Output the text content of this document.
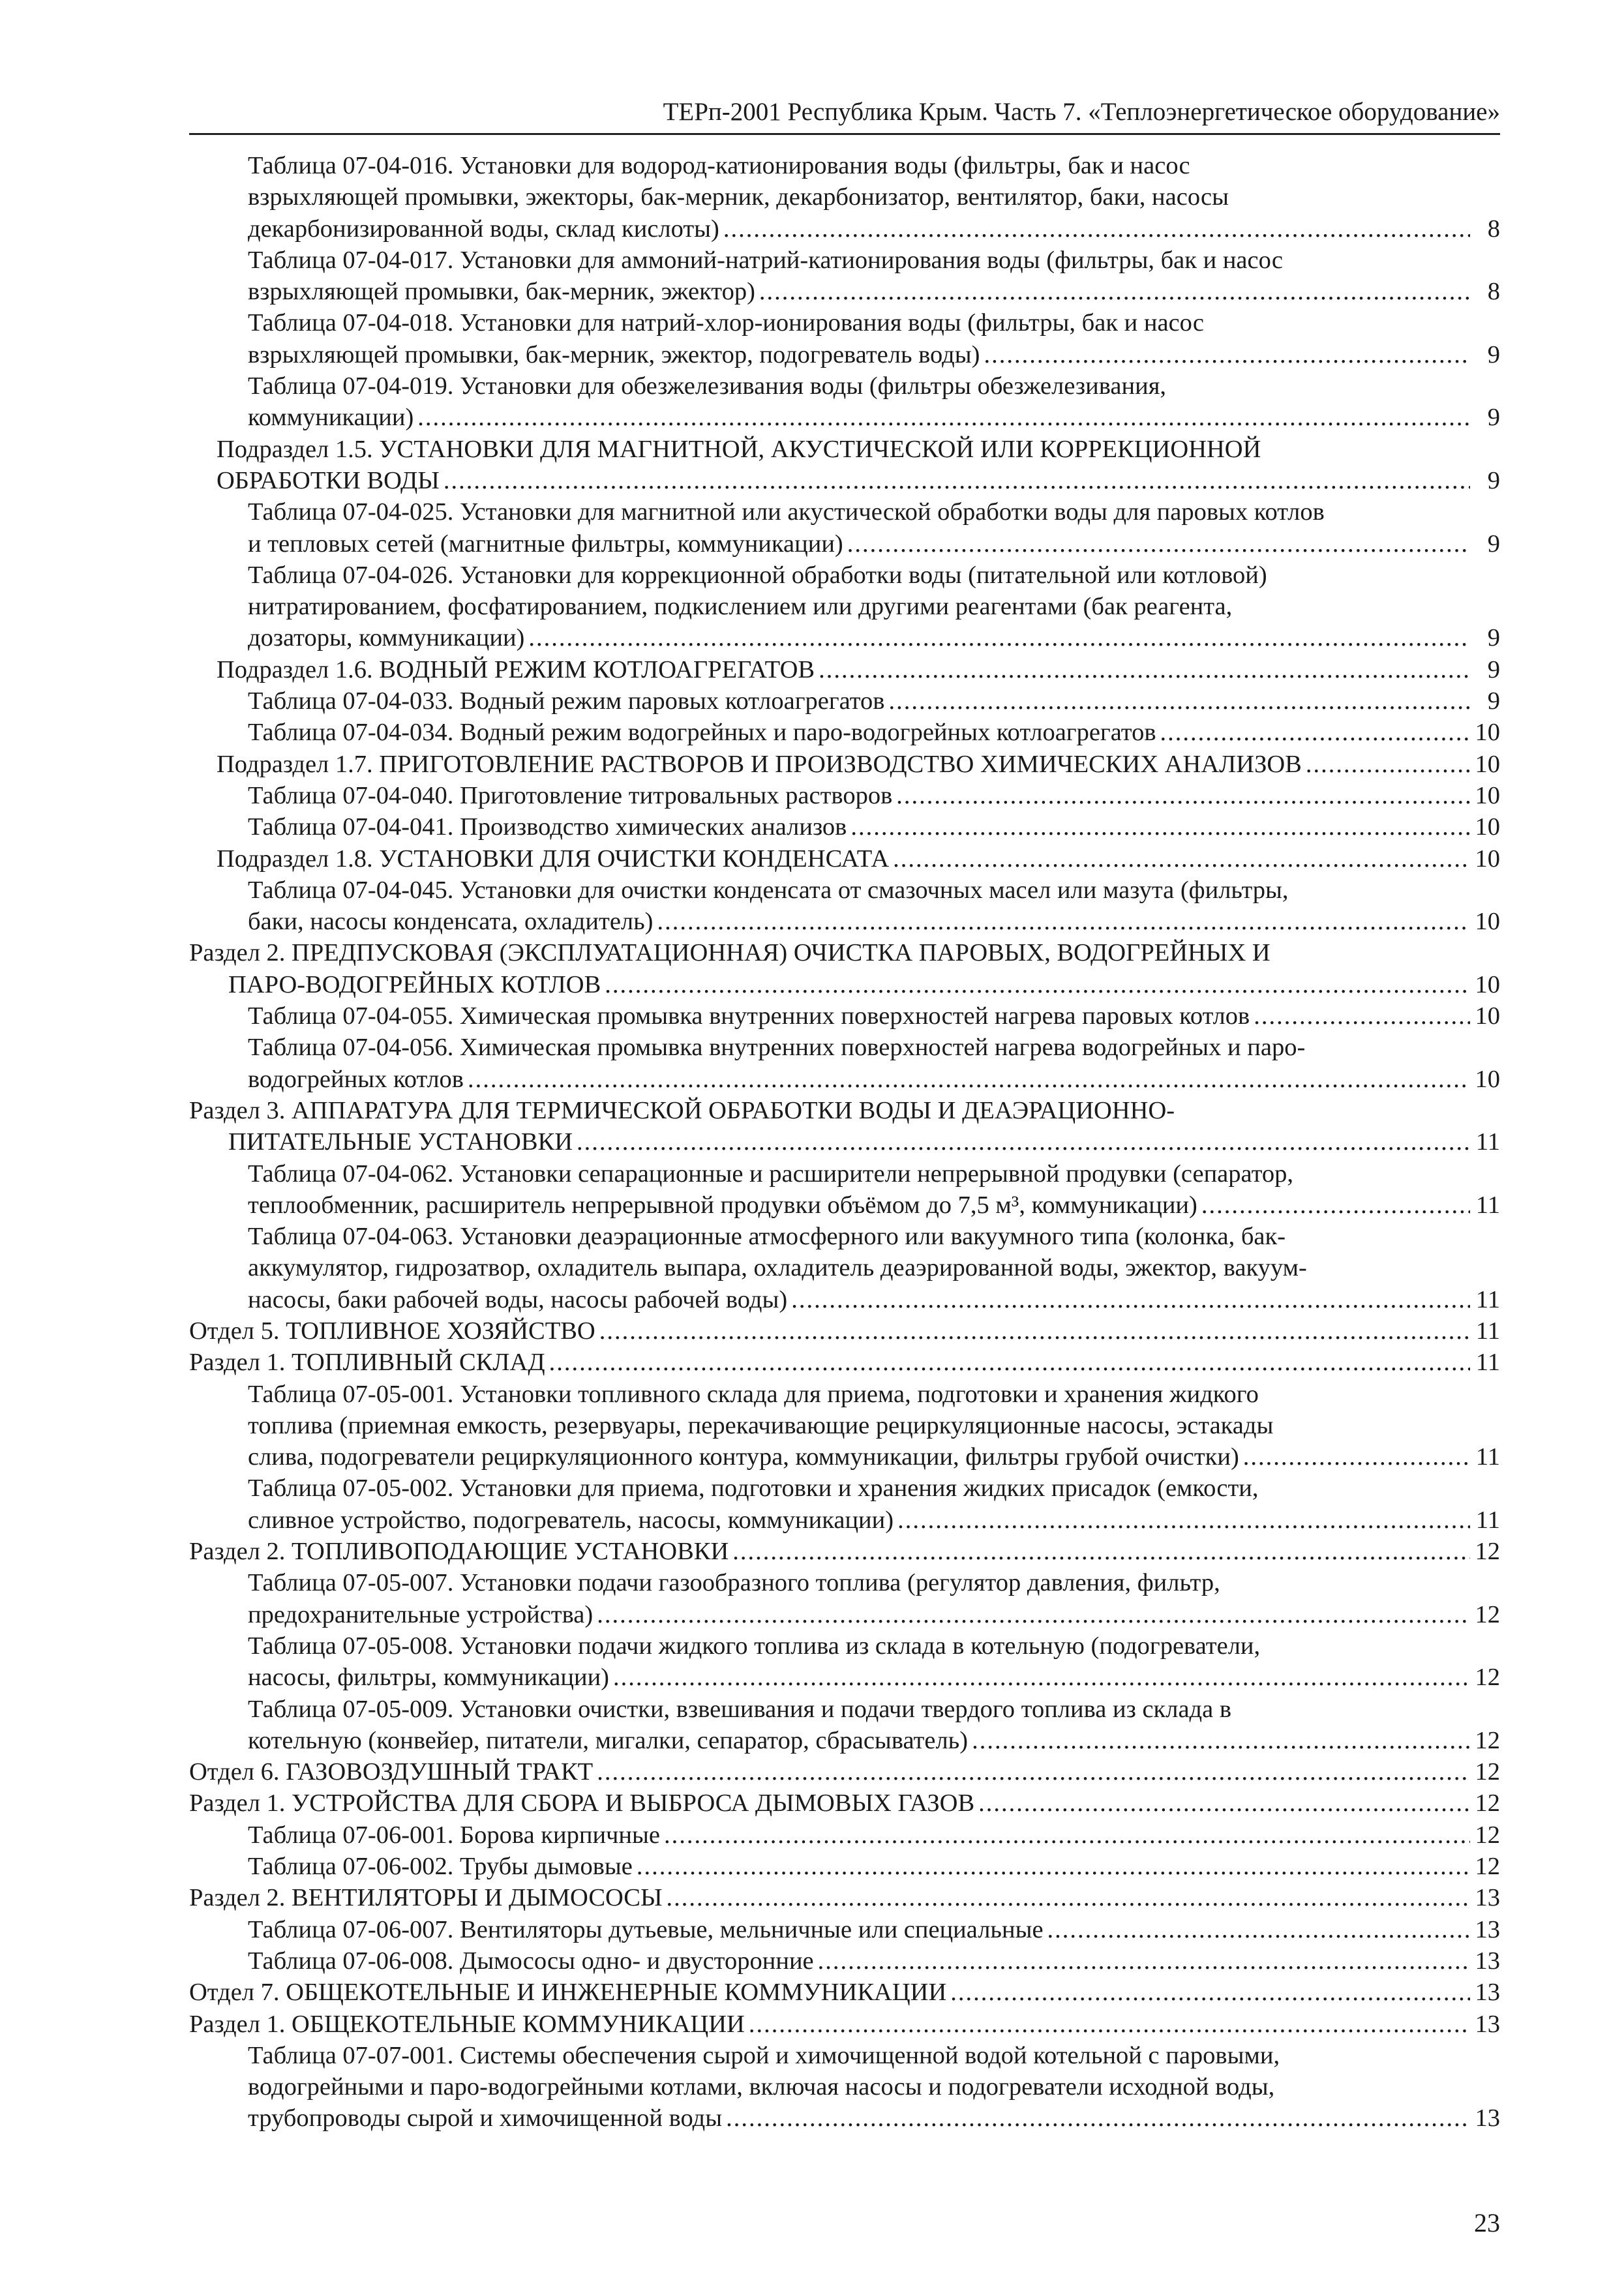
ТЕРп-2001 Республика Крым. Часть 7. «Теплоэнергетическое оборудование»
Таблица 07-04-016. Установки для водород-катионирования воды (фильтры, бак и насос
взрыхляющей промывки, эжекторы, бак-мерник, декарбонизатор, вентилятор, баки, насосы
декарбонизированной воды, склад кислоты) .....	8
Таблица 07-04-017. Установки для аммоний-натрий-катионирования воды (фильтры, бак и насос
взрыхляющей промывки, бак-мерник, эжектор) .....	8
Таблица 07-04-018. Установки для натрий-хлор-ионирования воды (фильтры, бак и насос
взрыхляющей промывки, бак-мерник, эжектор, подогреватель воды) .....	9
Таблица 07-04-019. Установки для обезжелезивания воды (фильтры обезжелезивания,
коммуникации) .....	9
Подраздел 1.5. УСТАНОВКИ ДЛЯ МАГНИТНОЙ, АКУСТИЧЕСКОЙ ИЛИ КОРРЕКЦИОННОЙ
ОБРАБОТКИ ВОДЫ .....	9
Таблица 07-04-025. Установки для магнитной или акустической обработки воды для паровых котлов
и тепловых сетей (магнитные фильтры, коммуникации) .....	9
Таблица 07-04-026. Установки для коррекционной обработки воды (питательной или котловой)
нитратированием, фосфатированием, подкислением или другими реагентами (бак реагента,
дозаторы, коммуникации) .....	9
Подраздел 1.6. ВОДНЫЙ РЕЖИМ КОТЛОАГРЕГАТОВ .....	9
Таблица 07-04-033. Водный режим паровых котлоагрегатов .....	9
Таблица 07-04-034. Водный режим водогрейных и паро-водогрейных котлоагрегатов .....	10
Подраздел 1.7. ПРИГОТОВЛЕНИЕ РАСТВОРОВ И ПРОИЗВОДСТВО ХИМИЧЕСКИХ АНАЛИЗОВ .....	10
Таблица 07-04-040. Приготовление титровальных растворов .....	10
Таблица 07-04-041. Производство химических анализов .....	10
Подраздел 1.8. УСТАНОВКИ ДЛЯ ОЧИСТКИ КОНДЕНСАТА .....	10
Таблица 07-04-045. Установки для очистки конденсата от смазочных масел или мазута (фильтры,
баки, насосы конденсата, охладитель) .....	10
Раздел 2. ПРЕДПУСКОВАЯ (ЭКСПЛУАТАЦИОННАЯ) ОЧИСТКА ПАРОВЫХ, ВОДОГРЕЙНЫХ И
ПАРО-ВОДОГРЕЙНЫХ КОТЛОВ .....	10
Таблица 07-04-055. Химическая промывка внутренних поверхностей нагрева паровых котлов .....	10
Таблица 07-04-056. Химическая промывка внутренних поверхностей нагрева водогрейных и паро-
водогрейных котлов .....	10
Раздел 3. АППАРАТУРА ДЛЯ ТЕРМИЧЕСКОЙ ОБРАБОТКИ ВОДЫ И ДЕАЭРАЦИОННО-
ПИТАТЕЛЬНЫЕ УСТАНОВКИ .....	11
Таблица 07-04-062. Установки сепарационные и расширители непрерывной продувки (сепаратор,
теплообменник, расширитель непрерывной продувки объёмом до 7,5 м³, коммуникации) .....	11
Таблица 07-04-063. Установки деаэрационные атмосферного или вакуумного типа (колонка, бак-
аккумулятор, гидрозатвор, охладитель выпара, охладитель деаэрированной воды, эжектор, вакуум-
насосы, баки рабочей воды, насосы рабочей воды) .....	11
Отдел 5. ТОПЛИВНОЕ ХОЗЯЙСТВО .....	11
Раздел 1. ТОПЛИВНЫЙ СКЛАД .....	11
Таблица 07-05-001. Установки топливного склада для приема, подготовки и хранения жидкого
топлива (приемная емкость, резервуары, перекачивающие рециркуляционные насосы, эстакады
слива, подогреватели рециркуляционного контура, коммуникации, фильтры грубой очистки) .....	11
Таблица 07-05-002. Установки для приема, подготовки и хранения жидких присадок (емкости,
сливное устройство, подогреватель, насосы, коммуникации) .....	11
Раздел 2. ТОПЛИВОПОДАЮЩИЕ УСТАНОВКИ .....	12
Таблица 07-05-007. Установки подачи газообразного топлива (регулятор давления, фильтр,
предохранительные устройства) .....	12
Таблица 07-05-008. Установки подачи жидкого топлива из склада в котельную (подогреватели,
насосы, фильтры, коммуникации) .....	12
Таблица 07-05-009. Установки очистки, взвешивания и подачи твердого топлива из склада в
котельную (конвейер, питатели, мигалки, сепаратор, сбрасыватель) .....	12
Отдел 6. ГАЗОВОЗДУШНЫЙ ТРАКТ .....	12
Раздел 1. УСТРОЙСТВА ДЛЯ СБОРА И ВЫБРОСА ДЫМОВЫХ ГАЗОВ .....	12
Таблица 07-06-001. Борова кирпичные .....	12
Таблица 07-06-002. Трубы дымовые .....	12
Раздел 2. ВЕНТИЛЯТОРЫ И ДЫМОСОСЫ .....	13
Таблица 07-06-007. Вентиляторы дутьевые, мельничные или специальные .....	13
Таблица 07-06-008. Дымососы одно- и двусторонние .....	13
Отдел 7. ОБЩЕКОТЕЛЬНЫЕ И ИНЖЕНЕРНЫЕ КОММУНИКАЦИИ .....	13
Раздел 1. ОБЩЕКОТЕЛЬНЫЕ КОММУНИКАЦИИ .....	13
Таблица 07-07-001. Системы обеспечения сырой и химочищенной водой котельной с паровыми,
водогрейными и паро-водогрейными котлами, включая насосы и подогреватели исходной воды,
трубопроводы сырой и химочищенной воды .....	13
23
